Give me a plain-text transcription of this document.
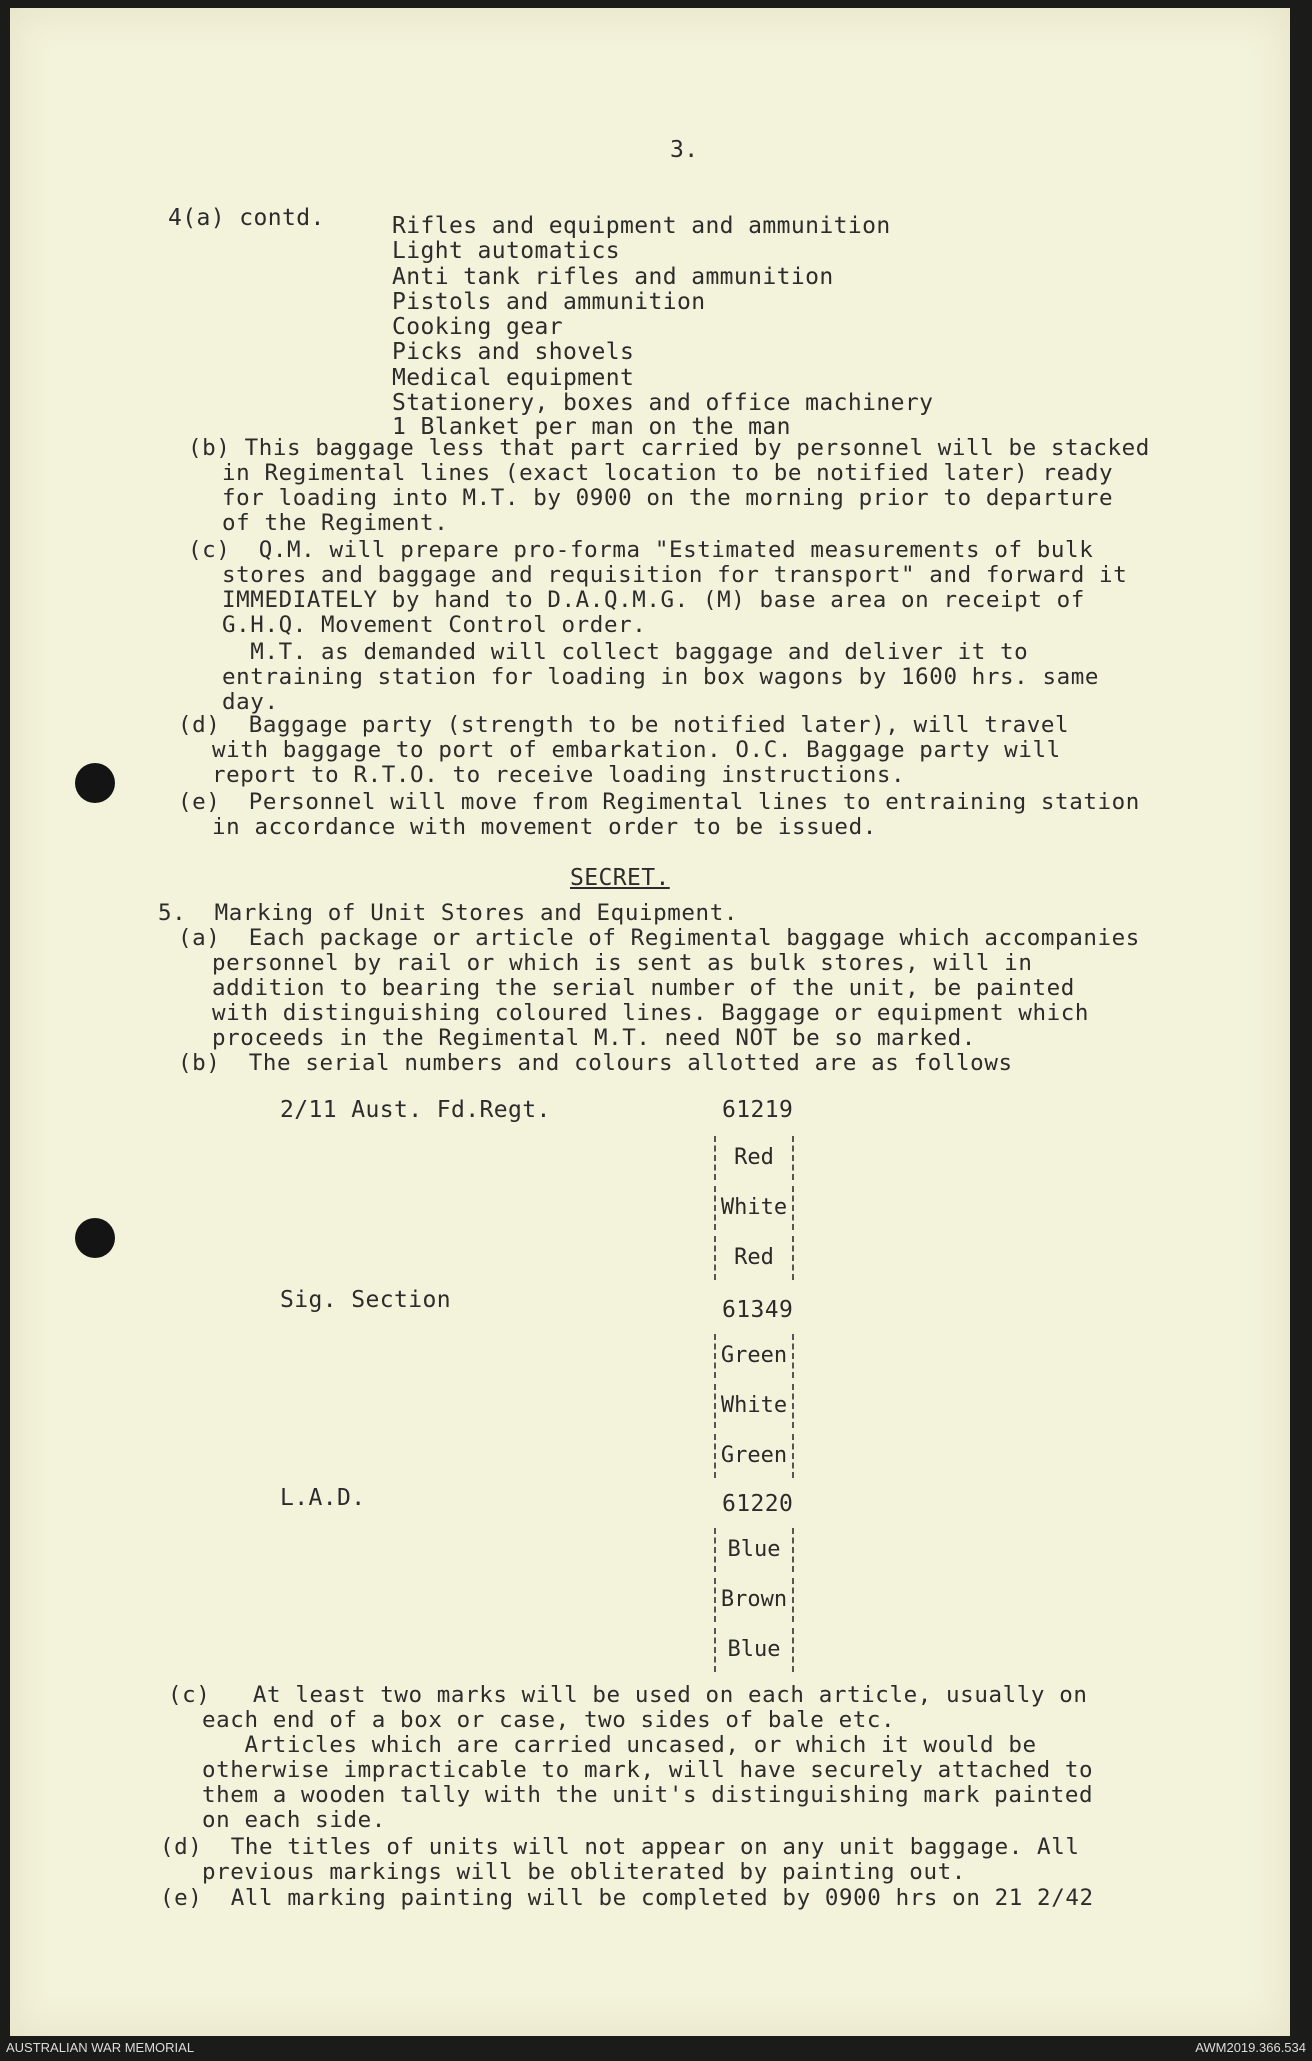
3.
4(a) contd.	Rifles and equipment and ammunition
Light automatics
Anti tank rifles and ammunition
Pistols and ammunition
Cooking gear
Picks and shovels
Medical equipment
Stationery, boxes and office machinery
1 Blanket per man on the man
(b) This baggage less that part carried by personnel will be stacked
in Regimental lines (exact location to be notified later) ready
for loading into M.T. by 0900 on the morning prior to departure
of the Regiment.
(c)  Q.M. will prepare pro-forma "Estimated measurements of bulk
stores and baggage and requisition for transport" and forward it
IMMEDIATELY by hand to D.A.Q.M.G. (M) base area on receipt of
G.H.Q. Movement Control order.
M.T. as demanded will collect baggage and deliver it to
entraining station for loading in box wagons by 1600 hrs. same
day.
(d)  Baggage party (strength to be notified later), will travel
with baggage to port of embarkation. O.C. Baggage party will
report to R.T.O. to receive loading instructions.
(e)  Personnel will move from Regimental lines to entraining station
in accordance with movement order to be issued.
SECRET.
5.  Marking of Unit Stores and Equipment.
(a)  Each package or article of Regimental baggage which accompanies
personnel by rail or which is sent as bulk stores, will in
addition to bearing the serial number of the unit, be painted
with distinguishing coloured lines. Baggage or equipment which
proceeds in the Regimental M.T. need NOT be so marked.
(b)  The serial numbers and colours allotted are as follows
2/11 Aust. Fd.Regt.	61219
Red
White
Red
Sig. Section	61349
Green
White
Green
L.A.D.	61220
Blue
Brown
Blue
(c)   At least two marks will be used on each article, usually on
each end of a box or case, two sides of bale etc.
Articles which are carried uncased, or which it would be
otherwise impracticable to mark, will have securely attached to
them a wooden tally with the unit's distinguishing mark painted
on each side.
(d)  The titles of units will not appear on any unit baggage. All
previous markings will be obliterated by painting out.
(e)  All marking painting will be completed by 0900 hrs on 21 2/42
AUSTRALIAN WAR MEMORIAL	AWM2019.366.534
